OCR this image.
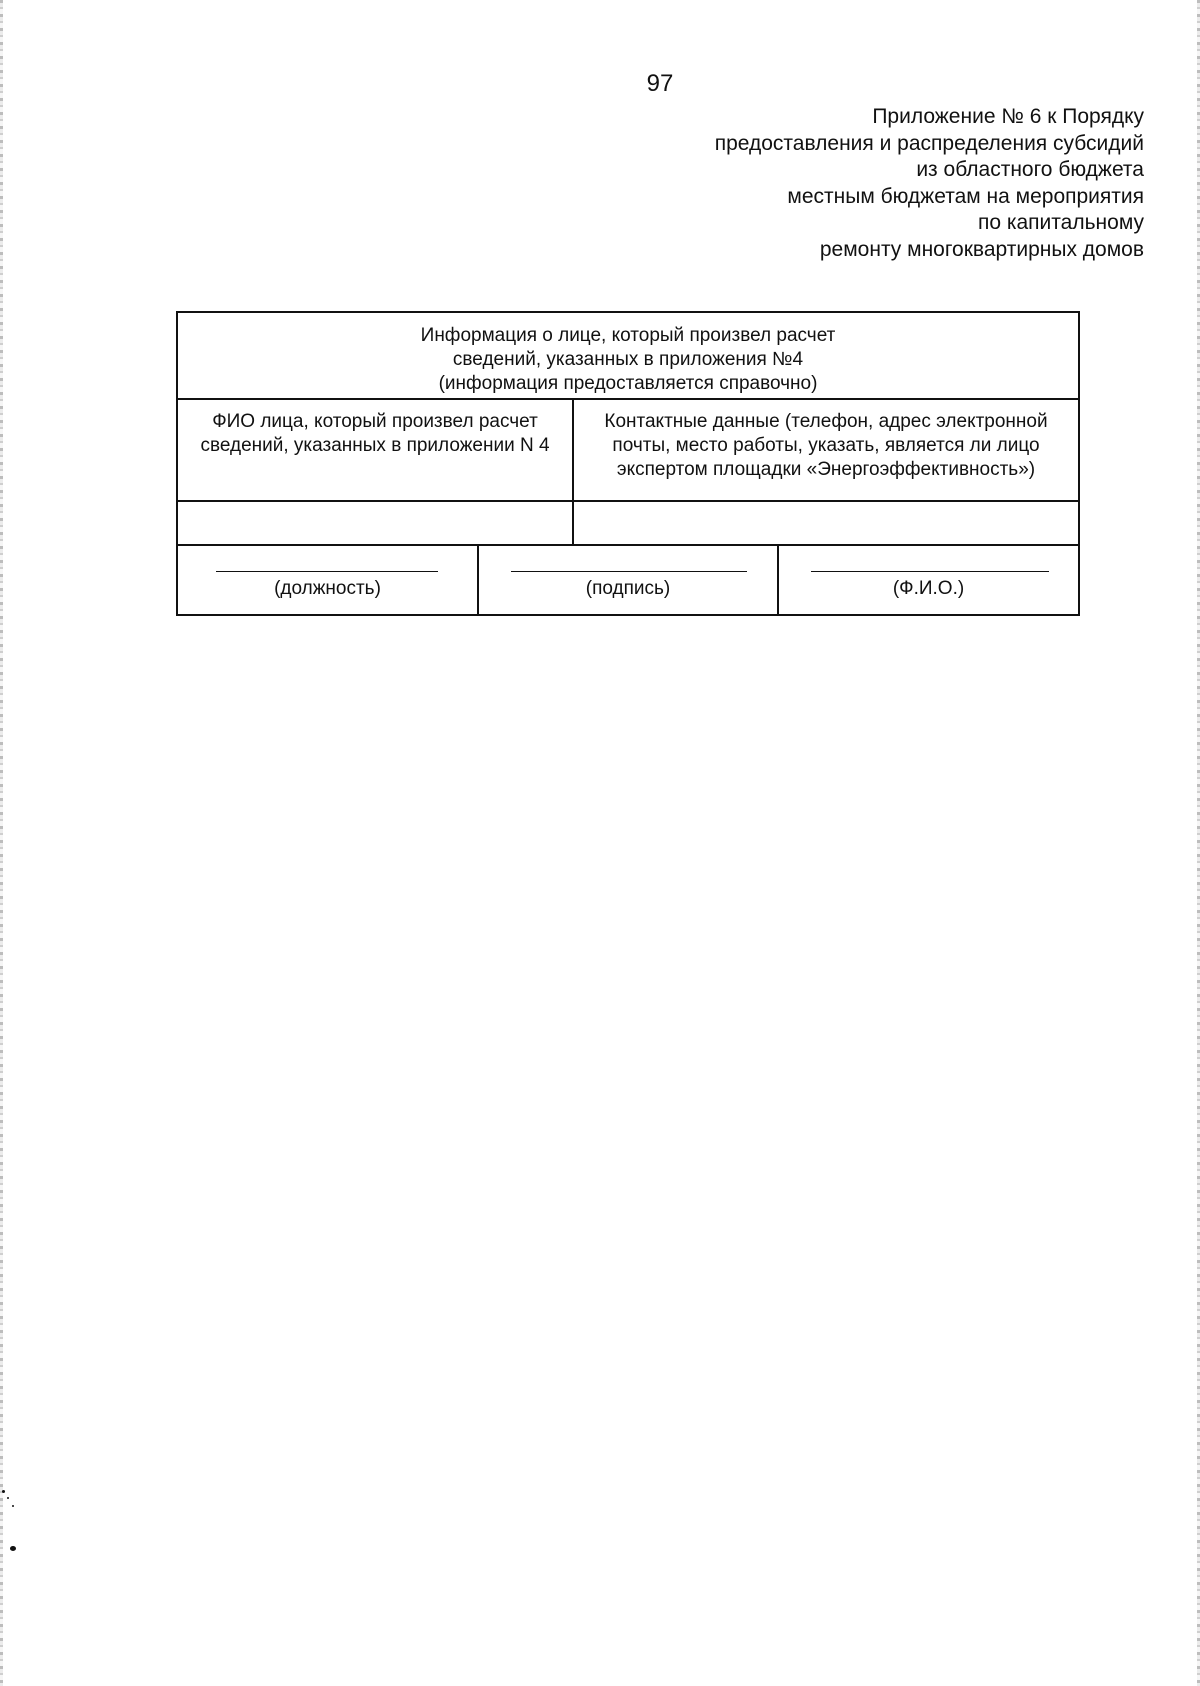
97
Приложение № 6 к Порядку
предоставления и распределения субсидий
из областного бюджета
местным бюджетам на мероприятия
по капитальному
ремонту многоквартирных домов
Информация о лице, который произвел расчет
сведений, указанных в приложения №4
(информация предоставляется справочно)
ФИО лица, который произвел расчет
сведений, указанных в приложении N 4
Контактные данные (телефон, адрес электронной
почты, место работы, указать, является ли лицо
экспертом площадки «Энергоэффективность»)
(должность)	(подпись)	(Ф.И.О.)
